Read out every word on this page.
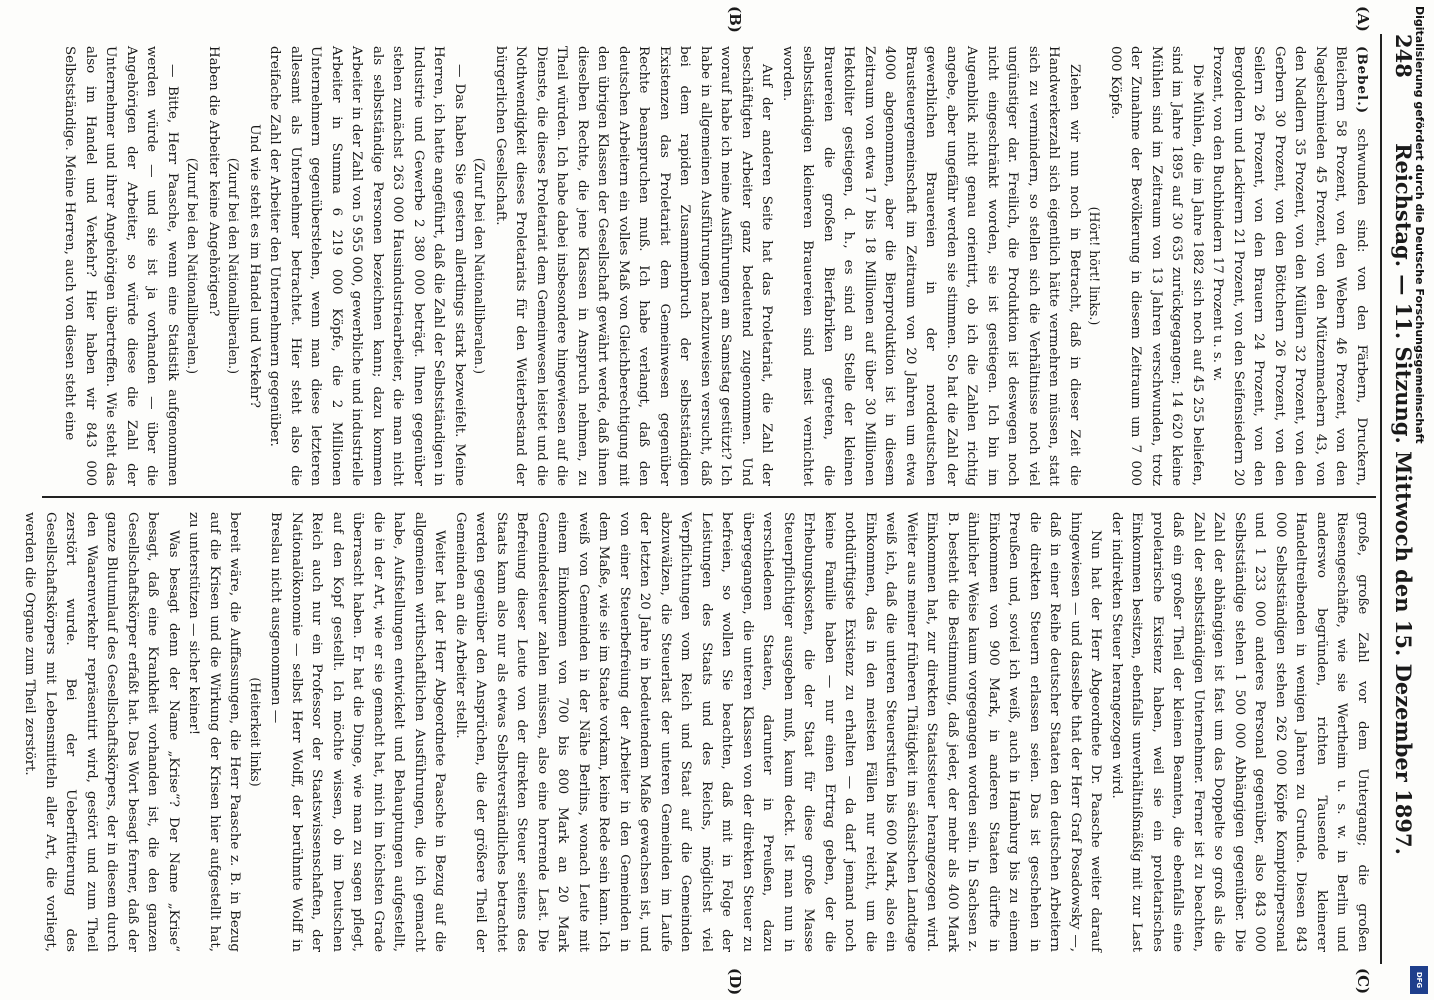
248
Reichstag. — 11. Sitzung. Mittwoch den 15. Dezember 1897.
(A)
(B)
(C)
(D)

(Bebel.) schwunden sind: von den Färbern, Druckern, Bleichern 58 Prozent, von den Webern 46 Prozent, von den Nagelschmieden 45 Prozent, von den Mützenmachern 43, von den Nadlern 35 Prozent, von den Müllern 32 Prozent, von den Gerbern 30 Prozent, von den Böttchern 26 Prozent, von den Seilern 26 Prozent, von den Brauern 24 Prozent, von den Bergoldern und Lackirern 21 Prozent, von den Seifensiedern 20 Prozent, von den Buchbindern 17 Prozent u. s. w.

Die Mühlen, die im Jahre 1882 sich noch auf 45 255 beliefen, sind im Jahre 1895 auf 30 635 zurückgegangen; 14 620 kleine Mühlen sind im Zeitraum von 13 Jahren verschwunden, trotz der Zunahme der Bevölkerung in diesem Zeitraum um 7 000 000 Köpfe.

(Hört! hört! links.)

Ziehen wir nun noch in Betracht, daß in dieser Zeit die Handwerkerzahl sich eigentlich hätte vermehren müssen, statt sich zu vermindern, so stellen sich die Verhältnisse noch viel ungünstiger dar. Freilich, die Produktion ist deswegen noch nicht eingeschränkt worden, sie ist gestiegen. Ich bin im Augenblick nicht genau orientirt, ob ich die Zahlen richtig angebe, aber ungefähr werden sie stimmen. So hat die Zahl der gewerblichen Brauereien in der norddeutschen Brausteuergemeinschaft im Zeitraum von 20 Jahren um etwa 4000 abgenommen, aber die Bierproduktion ist in diesem Zeitraum von etwa 17 bis 18 Millionen auf über 30 Millionen Hektoliter gestiegen, d. h., es sind an Stelle der kleinen Brauereien die großen Bierfabriken getreten, die selbstständigen kleineren Brauereien sind meist vernichtet worden.

Auf der anderen Seite hat das Proletariat, die Zahl der beschäftigten Arbeiter ganz bedeutend zugenommen. Und worauf habe ich meine Ausführungen am Samstag gestützt? Ich habe in allgemeinen Ausführungen nachzuweisen versucht, daß bei dem rapiden Zusammenbruch der selbstständigen Existenzen das Proletariat dem Gemeinwesen gegenüber Rechte beanspruchen muß. Ich habe verlangt, daß den deutschen Arbeitern ein volles Maß von Gleichberechtigung mit den übrigen Klassen der Gesellschaft gewährt werde, daß ihnen dieselben Rechte, die jene Klassen in Anspruch nehmen, zu Theil würden. Ich habe dabei insbesondere hingewiesen auf die Dienste, die dieses Proletariat dem Gemeinwesen leistet und die Nothwendigkeit dieses Proletariats für den Weiterbestand der bürgerlichen Gesellschaft.

(Zuruf bei den Nationalliberalen.)

— Das haben Sie gestern allerdings stark bezweifelt. Meine Herren, ich hatte angeführt, daß die Zahl der Selbstständigen in Industrie und Gewerbe 2 380 000 beträgt. Ihnen gegenüber stehen zunächst 263 000 Hausindustriearbeiter, die man nicht als selbstständige Personen bezeichnen kann; dazu kommen Arbeiter in der Zahl von 5 955 000, gewerbliche und industrielle Arbeiter in Summa 6 219 000 Köpfe, die 2 Millionen Unternehmern gegenüberstehen, wenn man diese letzteren allesamt als Unternehmer betrachtet. Hier steht also die dreifache Zahl der Arbeiter den Unternehmern gegenüber.

Und wie steht es im Handel und Verkehr?

(Zuruf bei den Nationalliberalen.)

Haben die Arbeiter keine Angehörigen?

(Zuruf bei den Nationalliberalen.)

— Bitte, Herr Paasche, wenn eine Statistik aufgenommen werden würde — und sie ist ja vorhanden — über die Angehörigen der Arbeiter, so würde diese die Zahl der Unternehmer und ihrer Angehörigen übertreffen. Wie steht das also im Handel und Verkehr? Hier haben wir 843 000 Selbstständige. Meine Herren, auch von diesen steht eine

große, große Zahl vor dem Untergang; die großen Riesengeschäfte, wie sie Wertheim u. s. w. in Berlin und anderswo begründen, richten Tausende kleinerer Handeltreibenden in wenigen Jahren zu Grunde. Diesen 843 000 Selbstständigen stehen 262 000 Köpfe Komptoirpersonal und 1 233 000 anderes Personal gegenüber, also 843 000 Selbstständige stehen 1 500 000 Abhängigen gegenüber. Die Zahl der abhängigen ist fast um das Doppelte so groß als die Zahl der selbstständigen Unternehmer. Ferner ist zu beachten, daß ein großer Theil der kleinen Beamten, die ebenfalls eine proletarische Existenz haben, weil sie ein proletarisches Einkommen besitzen, ebenfalls unverhältnißmäßig mit zur Last der indirekten Steuer herangezogen wird.

Nun hat der Herr Abgeordnete Dr. Paasche weiter darauf hingewiesen — und dasselbe that der Herr Graf Posadowsky —, daß in einer Reihe deutscher Staaten den deutschen Arbeitern die direkten Steuern erlassen seien. Das ist geschehen in Preußen und, soviel ich weiß, auch in Hamburg bis zu einem Einkommen von 900 Mark, in anderen Staaten dürfte in ähnlicher Weise kaum vorgegangen worden sein. In Sachsen z. B. besteht die Bestimmung, daß jeder, der mehr als 400 Mark Einkommen hat, zur direkten Staatssteuer herangezogen wird. Weiter aus meiner früheren Thätigkeit im sächsischen Landtage weiß ich, daß die unteren Steuerstufen bis 600 Mark, also ein Einkommen, das in den meisten Fällen nur reicht, um die nothdürftigste Existenz zu erhalten — da darf jemand noch keine Familie haben — nur einen Ertrag geben, der die Erhebungskosten, die der Staat für diese große Masse Steuerpflichtiger ausgeben muß, kaum deckt. Ist man nun in verschiedenen Staaten, darunter in Preußen, dazu übergegangen, die unteren Klassen von der direkten Steuer zu befreien, so wollen Sie beachten, daß mit in Folge der Leistungen des Staats und des Reichs, möglichst viel Verpflichtungen vom Reich und Staat auf die Gemeinden abzuwälzen, die Steuerlast der unteren Gemeinden im Laufe der letzten 20 Jahre in bedeutendem Maße gewachsen ist, und von einer Steuerbefreiung der Arbeiter in den Gemeinden in dem Maße, wie sie im Staate vorkam, keine Rede sein kann. Ich weiß von Gemeinden in der Nähe Berlins, wonach Leute mit einem Einkommen von 700 bis 800 Mark an 20 Mark Gemeindesteuer zahlen müssen, also eine horrende Last. Die Befreiung dieser Leute von der direkten Steuer seitens des Staats kann also nur als etwas Selbstverständliches betrachtet werden gegenüber den Ansprüchen, die der größere Theil der Gemeinden an die Arbeiter stellt.

Weiter hat der Herr Abgeordnete Paasche in Bezug auf die allgemeinen wirthschaftlichen Ausführungen, die ich gemacht habe, Aufstellungen entwickelt und Behauptungen aufgestellt, die in der Art, wie er sie gemacht hat, mich im höchsten Grade überrascht haben. Er hat die Dinge, wie man zu sagen pflegt, auf den Kopf gestellt. Ich möchte wissen, ob im Deutschen Reich auch nur ein Professor der Staatswissenschaften, der Nationalökonomie — selbst Herr Wolff, der berühmte Wolff in Breslau nicht ausgenommen —

(Heiterkeit links)

bereit wäre, die Auffassungen, die Herr Paasche z. B. in Bezug auf die Krisen und die Wirkung der Krisen hier aufgestellt hat, zu unterstützen — sicher keiner!

Was besagt denn der Name „Krise“? Der Name „Krise“ besagt, daß eine Krankheit vorhanden ist, die den ganzen Gesellschaftskörper erfaßt hat. Das Wort besagt ferner, daß der ganze Blutumlauf des Gesellschaftskörpers, der in diesem durch den Waarenverkehr repräsentirt wird, gestört und zum Theil zerstört wurde. Bei der Ueberfütterung des Gesellschaftskörpers mit Lebensmitteln aller Art, die vorliegt, werden die Organe zum Theil zerstört.

Digitalisierung gefördert durch die Deutsche Forschungsgemeinschaft
DFG
